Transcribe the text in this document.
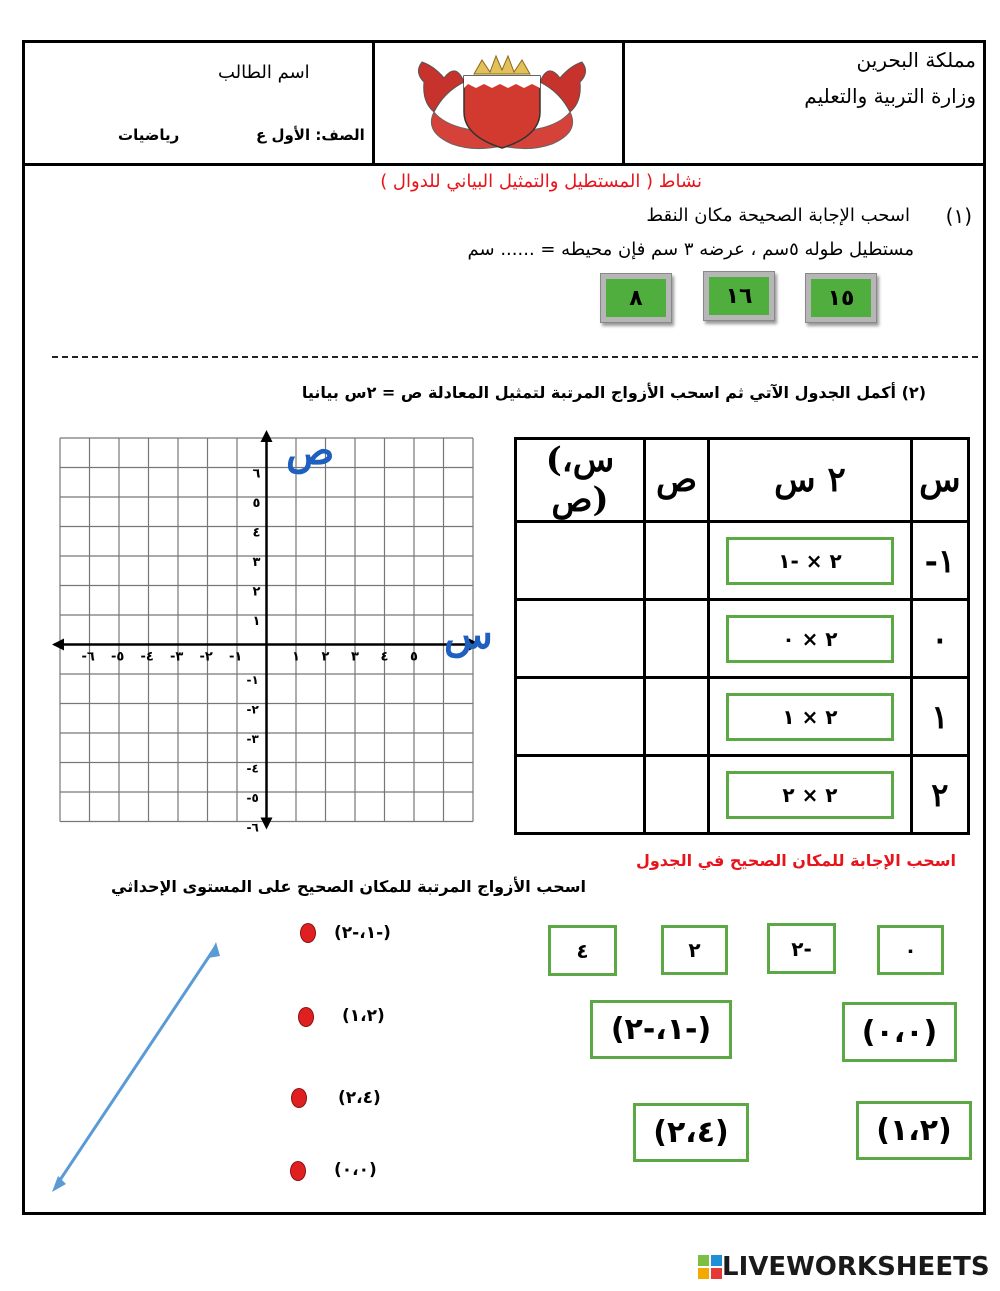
مملكة البحرين
وزارة التربية والتعليم
اسم الطالب
الصف: الأول ع
رياضيات
نشاط ( المستطيل والتمثيل البياني للدوال )
(١)
اسحب الإجابة الصحيحة مكان النقط
مستطيل طوله ٥سم ، عرضه ٣ سم فإن محيطه = ...... سم
١٥
١٦
٨
(٢) أكمل الجدول الآتي ثم اسحب الأزواج المرتبة لتمثيل المعادلة ص = ٢س بيانيا
(س، ص)	ص	٢ س	س
		٢ × -١	-١
		٢ × ٠	٠
		٢ × ١	١
		٢ × ٢	٢
١ ٢ ٣ ٤ ٥
-١
-٢
-٣
-٤
-٥
-٦
١
٢
٣
٤
٥
٦
-١
-٢
-٣
-٤
-٥
-٦
ص
س
اسحب الإجابة للمكان الصحيح في الجدول
اسحب الأزواج المرتبة للمكان الصحيح على المستوى الإحداثي
٠
-٢
٢
٤
(٠،٠)
(-١،-٢)
(١،٢)
(٢،٤)
(-١،-٢)
(١،٢)
(٢،٤)
(٠،٠)
LIVEWORKSHEETS
